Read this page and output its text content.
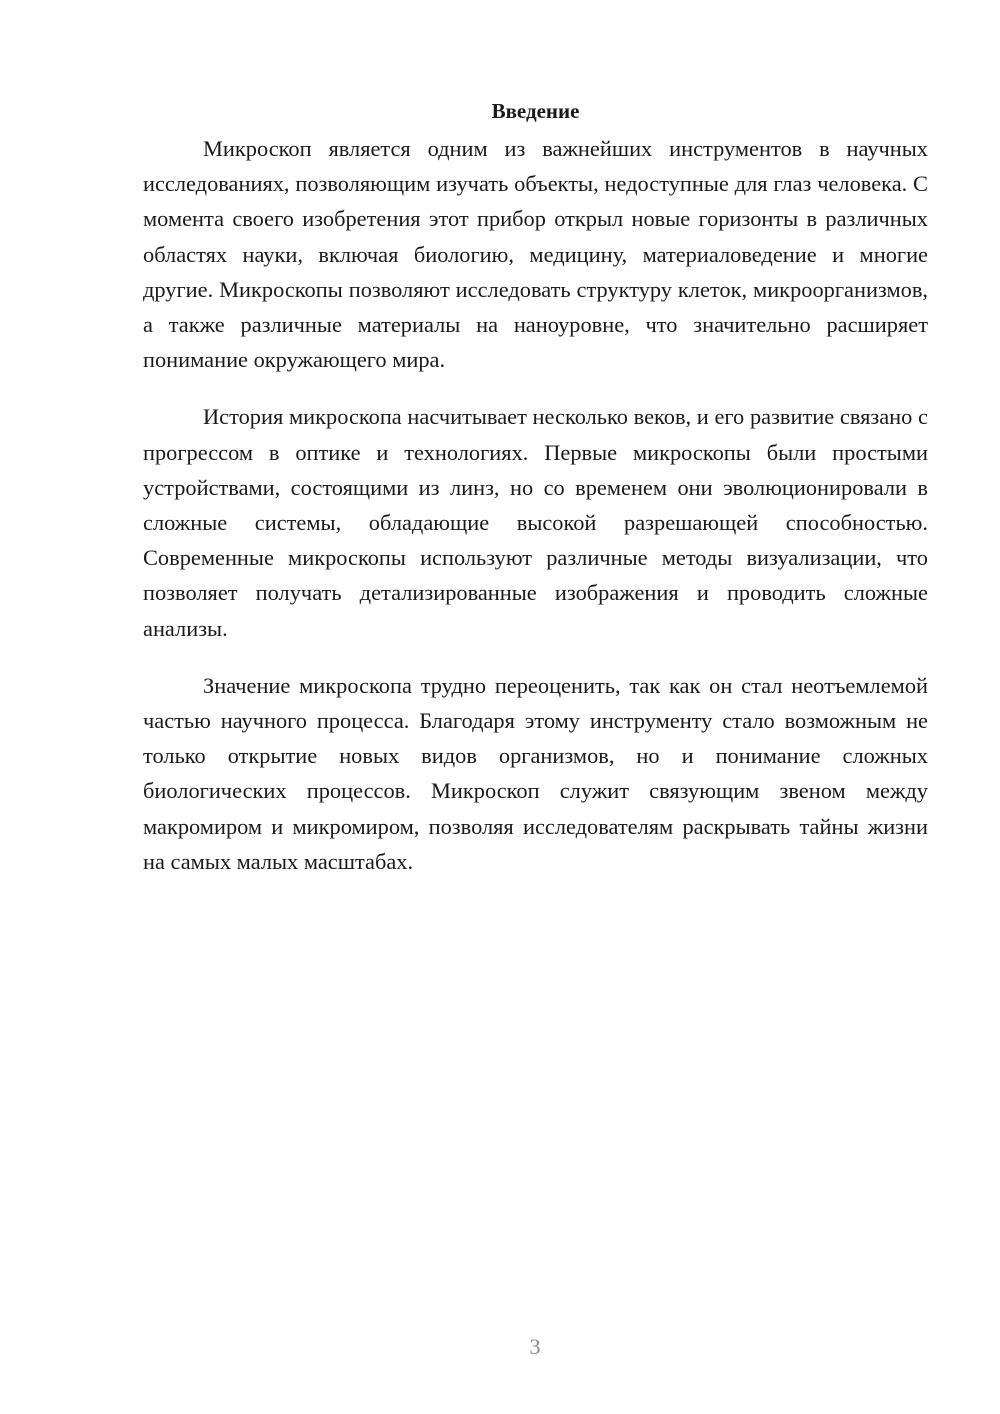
Введение

Микроскоп является одним из важнейших инструментов в научных исследованиях, позволяющим изучать объекты, недоступные для глаз человека. С момента своего изобретения этот прибор открыл новые горизонты в различных областях науки, включая биологию, медицину, материаловедение и многие другие. Микроскопы позволяют исследовать структуру клеток, микроорганизмов, а также различные материалы на наноуровне, что значительно расширяет понимание окружающего мира.

История микроскопа насчитывает несколько веков, и его развитие связано с прогрессом в оптике и технологиях. Первые микроскопы были простыми устройствами, состоящими из линз, но со временем они эволюционировали в сложные системы, обладающие высокой разрешающей способностью. Современные микроскопы используют различные методы визуализации, что позволяет получать детализированные изображения и проводить сложные анализы.

Значение микроскопа трудно переоценить, так как он стал неотъемлемой частью научного процесса. Благодаря этому инструменту стало возможным не только открытие новых видов организмов, но и понимание сложных биологических процессов. Микроскоп служит связующим звеном между макромиром и микромиром, позволяя исследователям раскрывать тайны жизни на самых малых масштабах.

3
